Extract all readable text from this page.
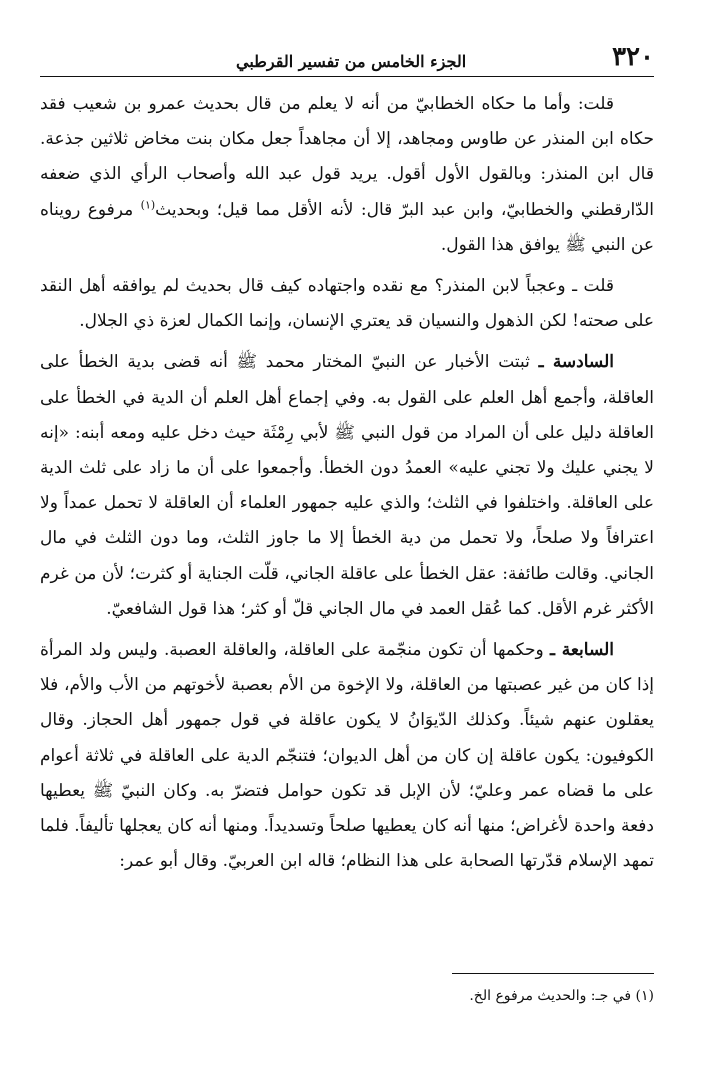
٣٢٠
الجزء الخامس من تفسير القرطبي

قلت: وأما ما حكاه الخطابيّ من أنه لا يعلم من قال بحديث عمرو بن شعيب فقد حكاه ابن المنذر عن طاوس ومجاهد، إلا أن مجاهداً جعل مكان بنت مخاض ثلاثين جذعة. قال ابن المنذر: وبالقول الأول أقول. يريد قول عبد الله وأصحاب الرأي الذي ضعفه الدّارقطني والخطابيّ، وابن عبد البرّ قال: لأنه الأقل مما قيل؛ وبحديث$^{(١)}$ مرفوع رويناه عن النبي ﷺ يوافق هذا القول.

قلت ـ وعجباً لابن المنذر؟ مع نقده واجتهاده كيف قال بحديث لم يوافقه أهل النقد على صحته! لكن الذهول والنسيان قد يعتري الإنسان، وإنما الكمال لعزة ذي الجلال.

السادسة ـ ثبتت الأخبار عن النبيّ المختار محمد ﷺ أنه قضى بدية الخطأ على العاقلة، وأجمع أهل العلم على القول به. وفي إجماع أهل العلم أن الدية في الخطأ على العاقلة دليل على أن المراد من قول النبي ﷺ لأبي رِمْثَة حيث دخل عليه ومعه أبنه: «إنه لا يجني عليك ولا تجني عليه» العمدُ دون الخطأ. وأجمعوا على أن ما زاد على ثلث الدية على العاقلة. واختلفوا في الثلث؛ والذي عليه جمهور العلماء أن العاقلة لا تحمل عمداً ولا اعترافاً ولا صلحاً، ولا تحمل من دية الخطأ إلا ما جاوز الثلث، وما دون الثلث في مال الجاني. وقالت طائفة: عقل الخطأ على عاقلة الجاني، قلّت الجناية أو كثرت؛ لأن من غرم الأكثر غرم الأقل. كما عُقل العمد في مال الجاني قلّ أو كثر؛ هذا قول الشافعيّ.

السابعة ـ وحكمها أن تكون منجّمة على العاقلة، والعاقلة العصبة. وليس ولد المرأة إذا كان من غير عصبتها من العاقلة، ولا الإخوة من الأم بعصبة لأخوتهم من الأب والأم، فلا يعقلون عنهم شيئاً. وكذلك الدّيوَانُ لا يكون عاقلة في قول جمهور أهل الحجاز. وقال الكوفيون: يكون عاقلة إن كان من أهل الديوان؛ فتنجّم الدية على العاقلة في ثلاثة أعوام على ما قضاه عمر وعليّ؛ لأن الإبل قد تكون حوامل فتضرّ به. وكان النبيّ ﷺ يعطيها دفعة واحدة لأغراض؛ منها أنه كان يعطيها صلحاً وتسديداً. ومنها أنه كان يعجلها تأليفاً. فلما تمهد الإسلام قدّرتها الصحابة على هذا النظام؛ قاله ابن العربيّ. وقال أبو عمر:

(١) في جـ: والحديث مرفوع الخ.
